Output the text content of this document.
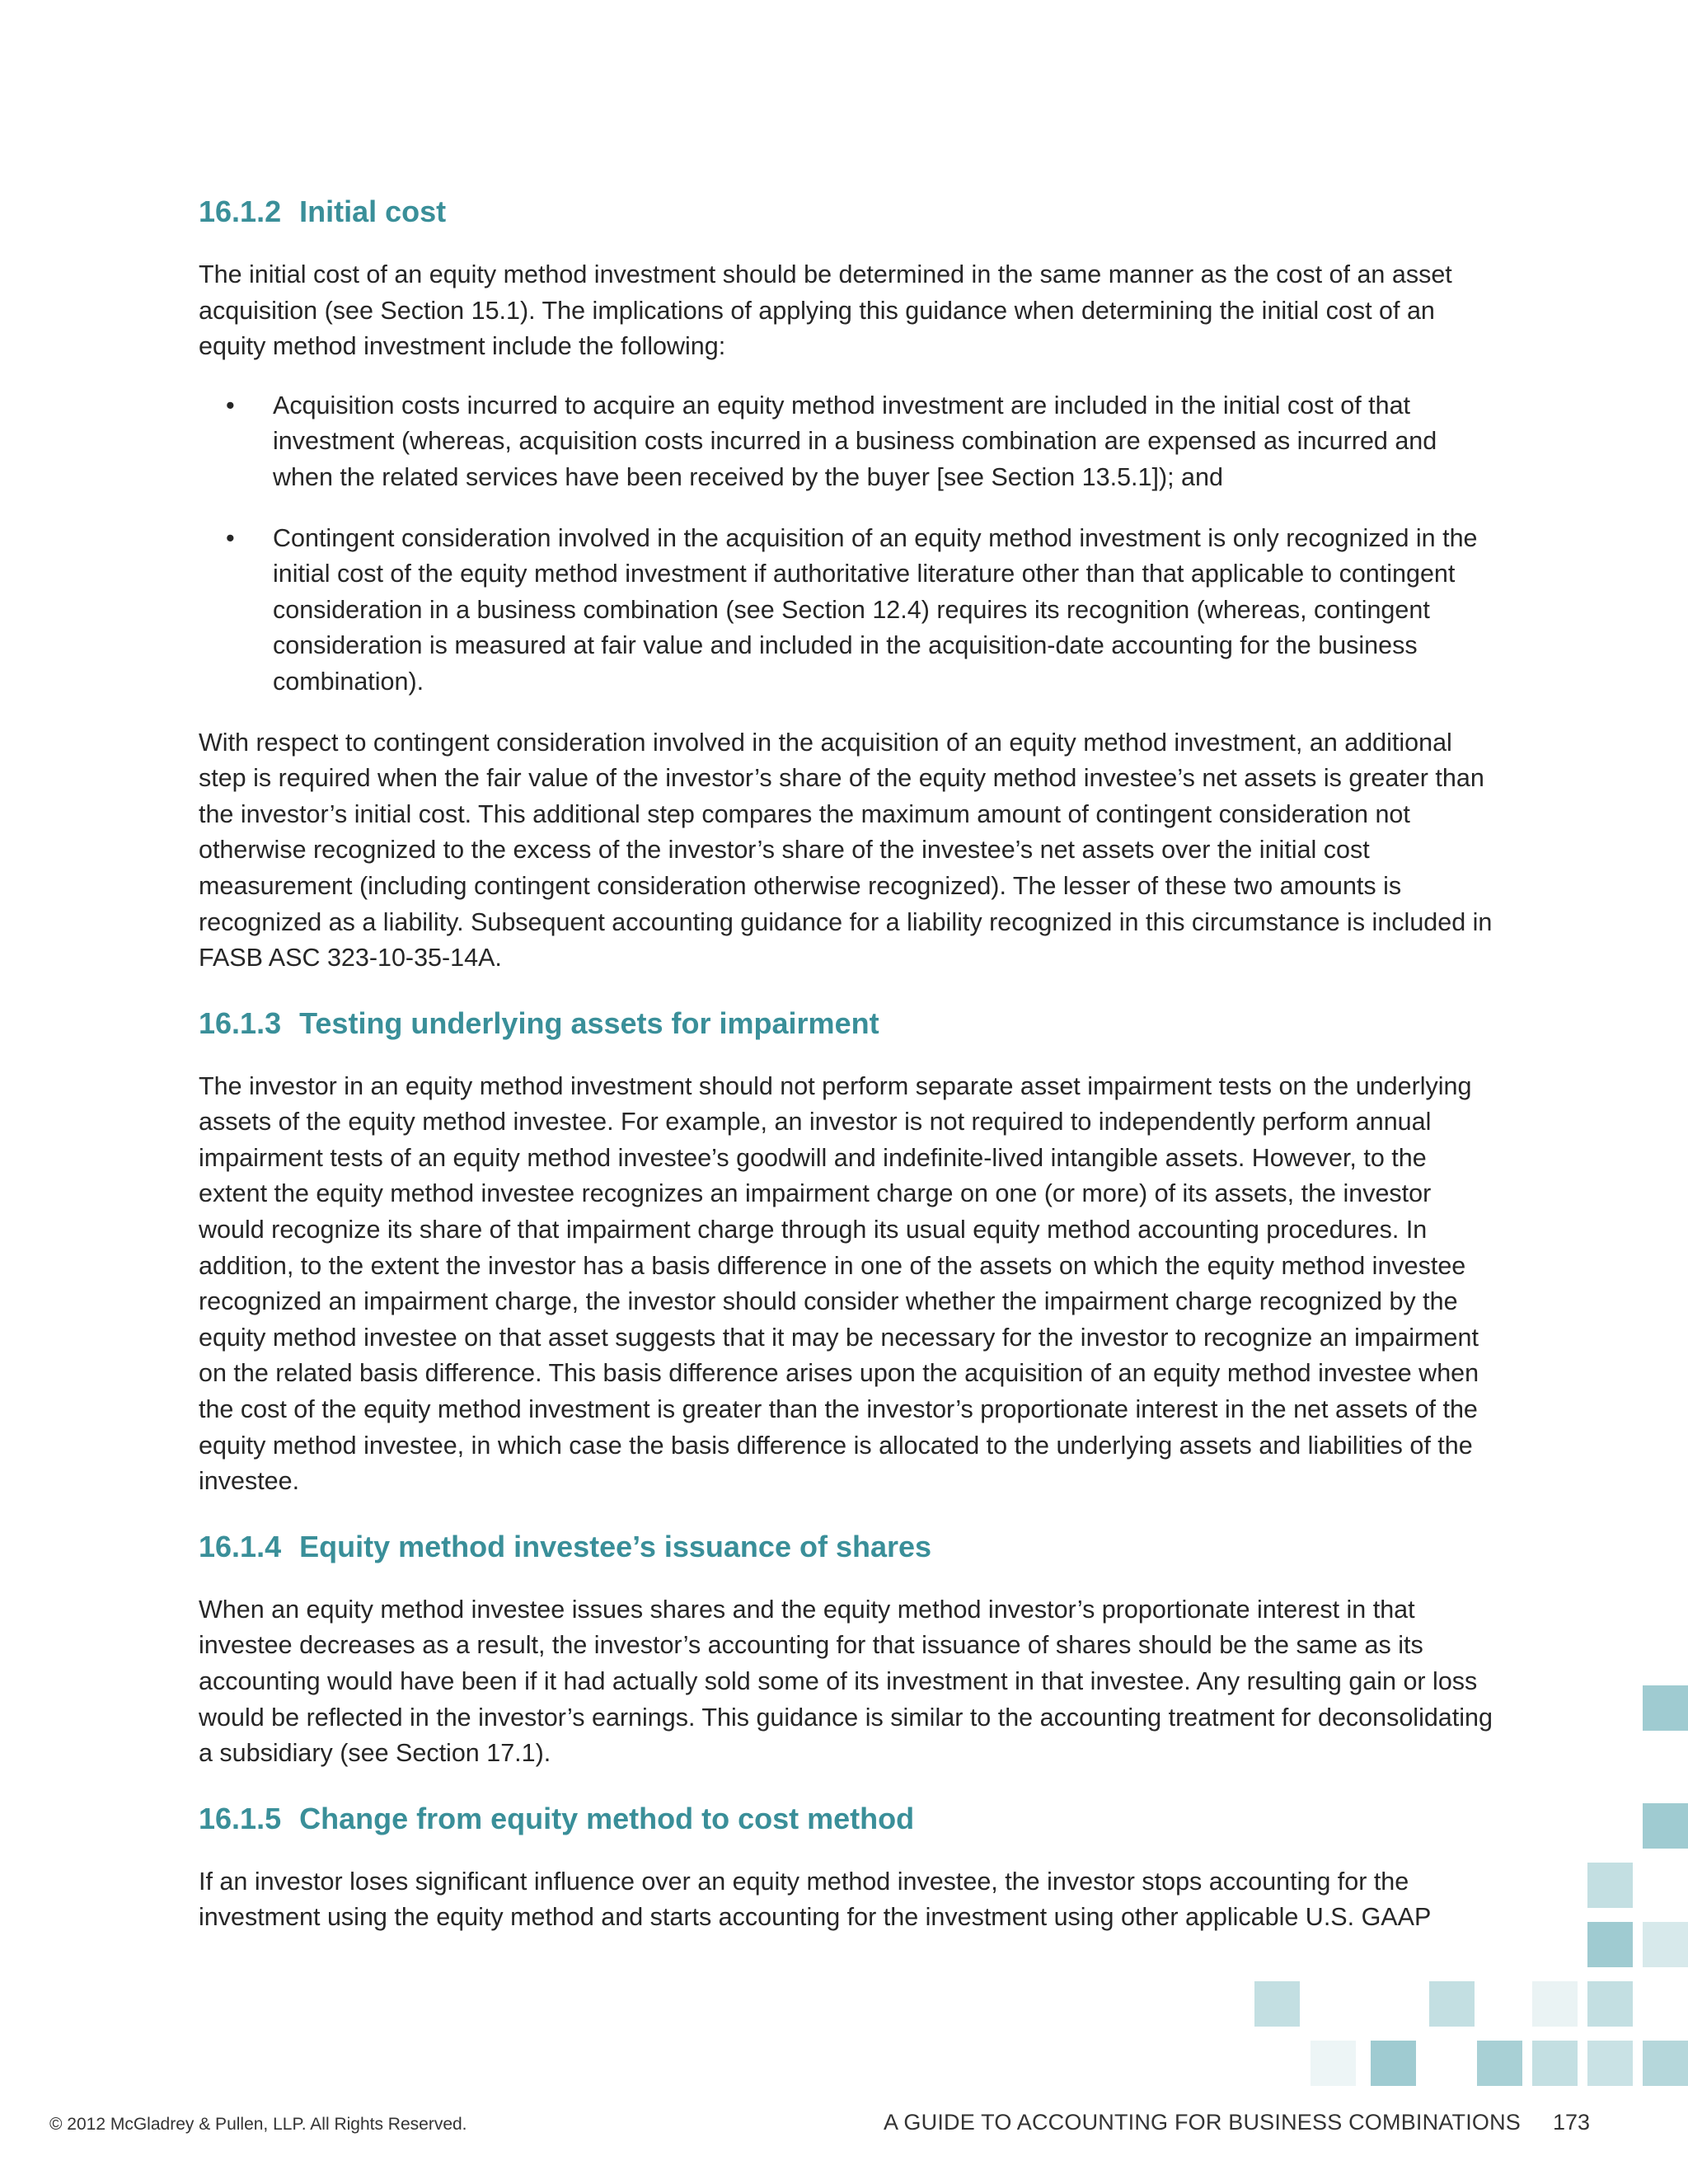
16.1.2 Initial cost

The initial cost of an equity method investment should be determined in the same manner as the cost of an asset acquisition (see Section 15.1). The implications of applying this guidance when determining the initial cost of an equity method investment include the following:

• Acquisition costs incurred to acquire an equity method investment are included in the initial cost of that investment (whereas, acquisition costs incurred in a business combination are expensed as incurred and when the related services have been received by the buyer [see Section 13.5.1]); and
• Contingent consideration involved in the acquisition of an equity method investment is only recognized in the initial cost of the equity method investment if authoritative literature other than that applicable to contingent consideration in a business combination (see Section 12.4) requires its recognition (whereas, contingent consideration is measured at fair value and included in the acquisition-date accounting for the business combination).

With respect to contingent consideration involved in the acquisition of an equity method investment, an additional step is required when the fair value of the investor’s share of the equity method investee’s net assets is greater than the investor’s initial cost. This additional step compares the maximum amount of contingent consideration not otherwise recognized to the excess of the investor’s share of the investee’s net assets over the initial cost measurement (including contingent consideration otherwise recognized). The lesser of these two amounts is recognized as a liability. Subsequent accounting guidance for a liability recognized in this circumstance is included in FASB ASC 323-10-35-14A.

16.1.3 Testing underlying assets for impairment

The investor in an equity method investment should not perform separate asset impairment tests on the underlying assets of the equity method investee. For example, an investor is not required to independently perform annual impairment tests of an equity method investee’s goodwill and indefinite-lived intangible assets. However, to the extent the equity method investee recognizes an impairment charge on one (or more) of its assets, the investor would recognize its share of that impairment charge through its usual equity method accounting procedures. In addition, to the extent the investor has a basis difference in one of the assets on which the equity method investee recognized an impairment charge, the investor should consider whether the impairment charge recognized by the equity method investee on that asset suggests that it may be necessary for the investor to recognize an impairment on the related basis difference. This basis difference arises upon the acquisition of an equity method investee when the cost of the equity method investment is greater than the investor’s proportionate interest in the net assets of the equity method investee, in which case the basis difference is allocated to the underlying assets and liabilities of the investee.

16.1.4 Equity method investee’s issuance of shares

When an equity method investee issues shares and the equity method investor’s proportionate interest in that investee decreases as a result, the investor’s accounting for that issuance of shares should be the same as its accounting would have been if it had actually sold some of its investment in that investee. Any resulting gain or loss would be reflected in the investor’s earnings. This guidance is similar to the accounting treatment for deconsolidating a subsidiary (see Section 17.1).

16.1.5 Change from equity method to cost method

If an investor loses significant influence over an equity method investee, the investor stops accounting for the investment using the equity method and starts accounting for the investment using other applicable U.S. GAAP

© 2012 McGladrey & Pullen, LLP. All Rights Reserved.	A GUIDE TO ACCOUNTING FOR BUSINESS COMBINATIONS 173
